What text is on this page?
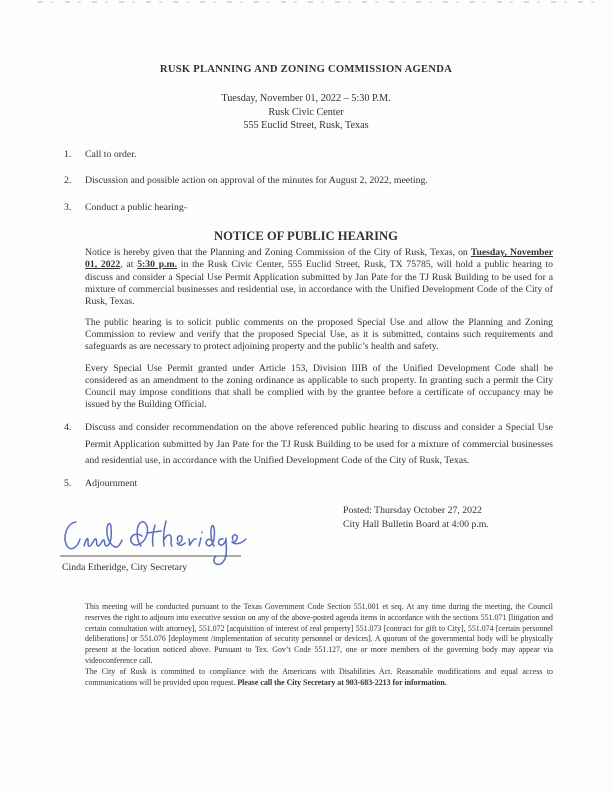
RUSK PLANNING AND ZONING COMMISSION AGENDA
Tuesday, November 01, 2022 – 5:30 P.M.
Rusk Civic Center
555 Euclid Street, Rusk, Texas
1.	Call to order.
2.	Discussion and possible action on approval of the minutes for August 2, 2022, meeting.
3.	Conduct a public hearing-
NOTICE OF PUBLIC HEARING

Notice is hereby given that the Planning and Zoning Commission of the City of Rusk, Texas, on Tuesday, November 01, 2022, at 5:30 p.m. in the Rusk Civic Center, 555 Euclid Street, Rusk, TX 75785, will hold a public hearing to discuss and consider a Special Use Permit Application submitted by Jan Pate for the TJ Rusk Building to be used for a mixture of commercial businesses and residential use, in accordance with the Unified Development Code of the City of Rusk, Texas.

The public hearing is to solicit public comments on the proposed Special Use and allow the Planning and Zoning Commission to review and verify that the proposed Special Use, as it is submitted, contains such requirements and safeguards as are necessary to protect adjoining property and the public’s health and safety.

Every Special Use Permit granted under Article 153, Division IIIB of the Unified Development Code shall be considered as an amendment to the zoning ordinance as applicable to such property. In granting such a permit the City Council may impose conditions that shall be complied with by the grantee before a certificate of occupancy may be issued by the Building Official.

4.	Discuss and consider recommendation on the above referenced public hearing to discuss and consider a Special Use Permit Application submitted by Jan Pate for the TJ Rusk Building to be used for a mixture of commercial businesses and residential use, in accordance with the Unified Development Code of the City of Rusk, Texas.
5.	Adjournment
Posted: Thursday October 27, 2022
City Hall Bulletin Board at 4:00 p.m.
Cinda Etheridge, City Secretary

This meeting will be conducted pursuant to the Texas Government Code Section 551.001 et seq. At any time during the meeting, the Council reserves the right to adjourn into executive session on any of the above-posted agenda items in accordance with the sections 551.071 [litigation and certain consultation with attorney], 551.072 [acquisition of interest of real property] 551.073 [contract for gift to City], 551.074 [certain personnel deliberations] or 551.076 [deployment /implementation of security personnel or devices]. A quorum of the governmental body will be physically present at the location noticed above. Pursuant to Tex. Gov’t Code 551.127, one or more members of the governing body may appear via videoconference call.

The City of Rusk is committed to compliance with the Americans with Disabilities Act. Reasonable modifications and equal access to communications will be provided upon request. Please call the City Secretary at 903-683-2213 for information.
